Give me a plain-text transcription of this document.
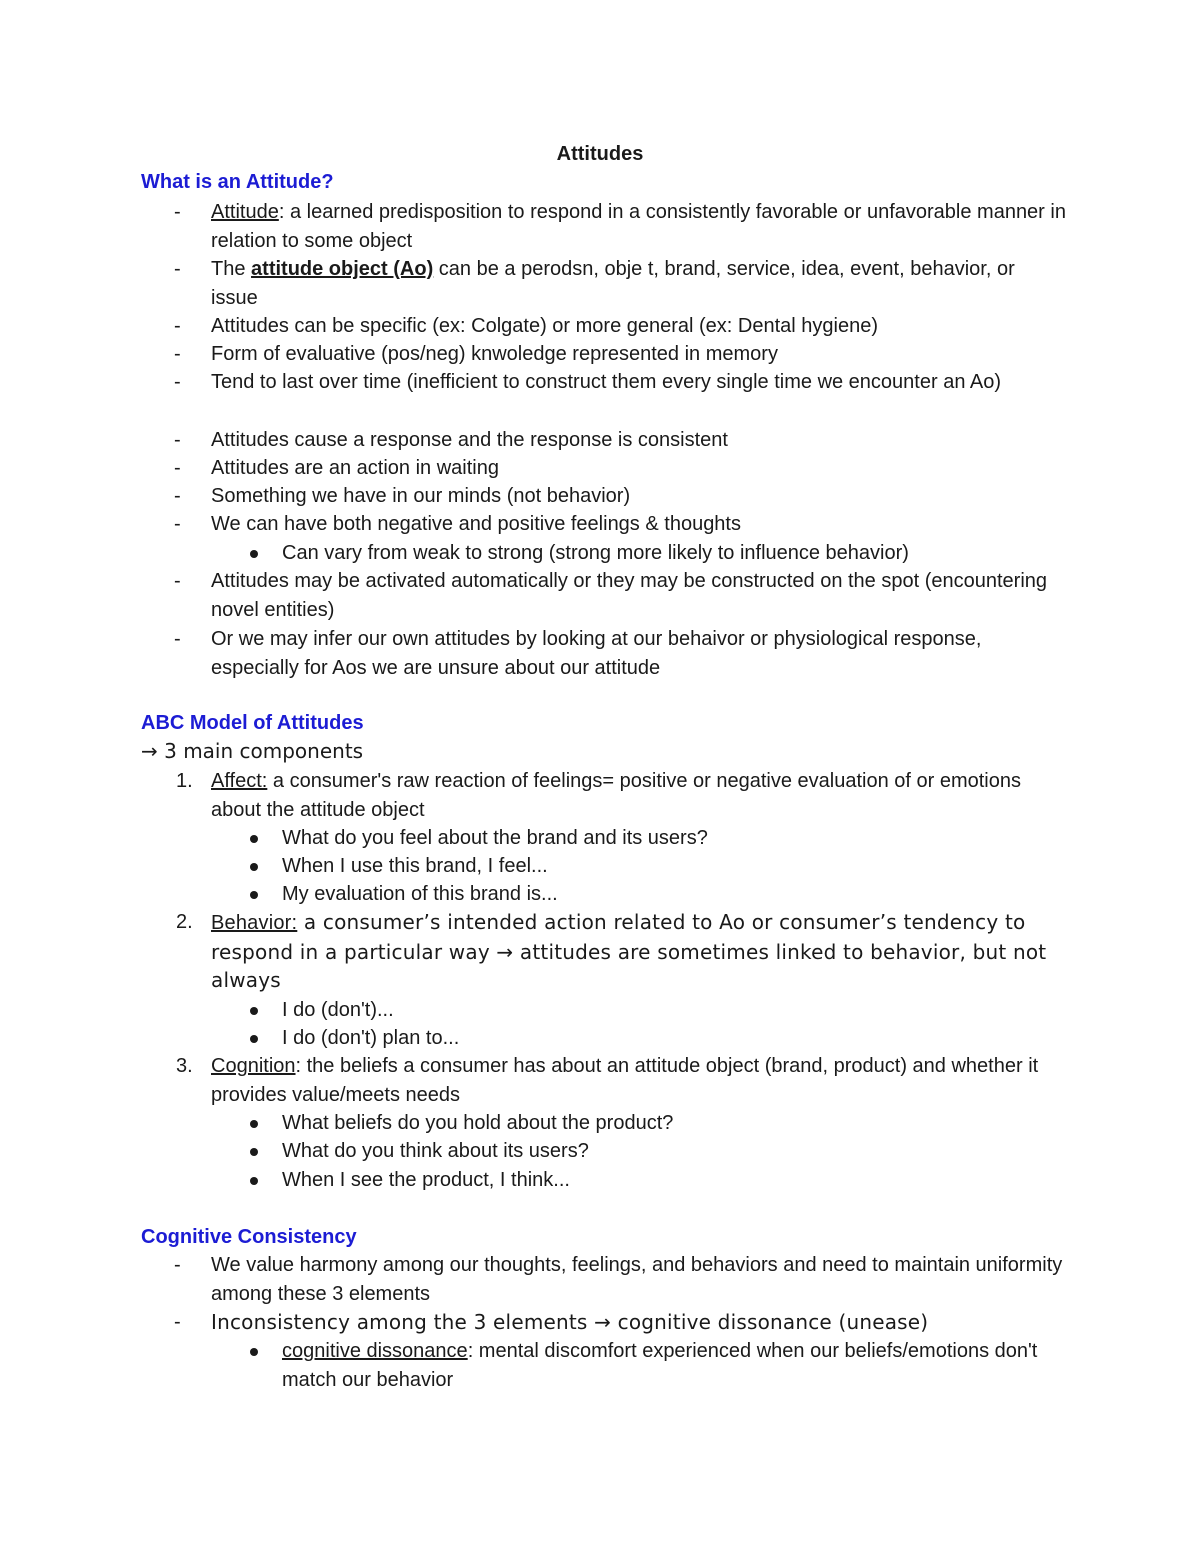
Attitudes
What is an Attitude?
- Attitude: a learned predisposition to respond in a consistently favorable or unfavorable manner in relation to some object
- The attitude object (Ao) can be a perodsn, obje t, brand, service, idea, event, behavior, or issue
- Attitudes can be specific (ex: Colgate) or more general (ex: Dental hygiene)
- Form of evaluative (pos/neg) knwoledge represented in memory
- Tend to last over time (inefficient to construct them every single time we encounter an Ao)
- Attitudes cause a response and the response is consistent
- Attitudes are an action in waiting
- Something we have in our minds (not behavior)
- We can have both negative and positive feelings & thoughts
Can vary from weak to strong (strong more likely to influence behavior)
- Attitudes may be activated automatically or they may be constructed on the spot (encountering novel entities)
- Or we may infer our own attitudes by looking at our behaivor or physiological response, especially for Aos we are unsure about our attitude
ABC Model of Attitudes
→ 3 main components
1. Affect: a consumer's raw reaction of feelings= positive or negative evaluation of or emotions about the attitude object
What do you feel about the brand and its users?
When I use this brand, I feel...
My evaluation of this brand is...
2. Behavior: a consumer’s intended action related to Ao or consumer’s tendency to respond in a particular way → attitudes are sometimes linked to behavior, but not always
I do (don't)...
I do (don't) plan to...
3. Cognition: the beliefs a consumer has about an attitude object (brand, product) and whether it provides value/meets needs
What beliefs do you hold about the product?
What do you think about its users?
When I see the product, I think...
Cognitive Consistency
- We value harmony among our thoughts, feelings, and behaviors and need to maintain uniformity among these 3 elements
- Inconsistency among the 3 elements → cognitive dissonance (unease)
cognitive dissonance: mental discomfort experienced when our beliefs/emotions don't match our behavior
